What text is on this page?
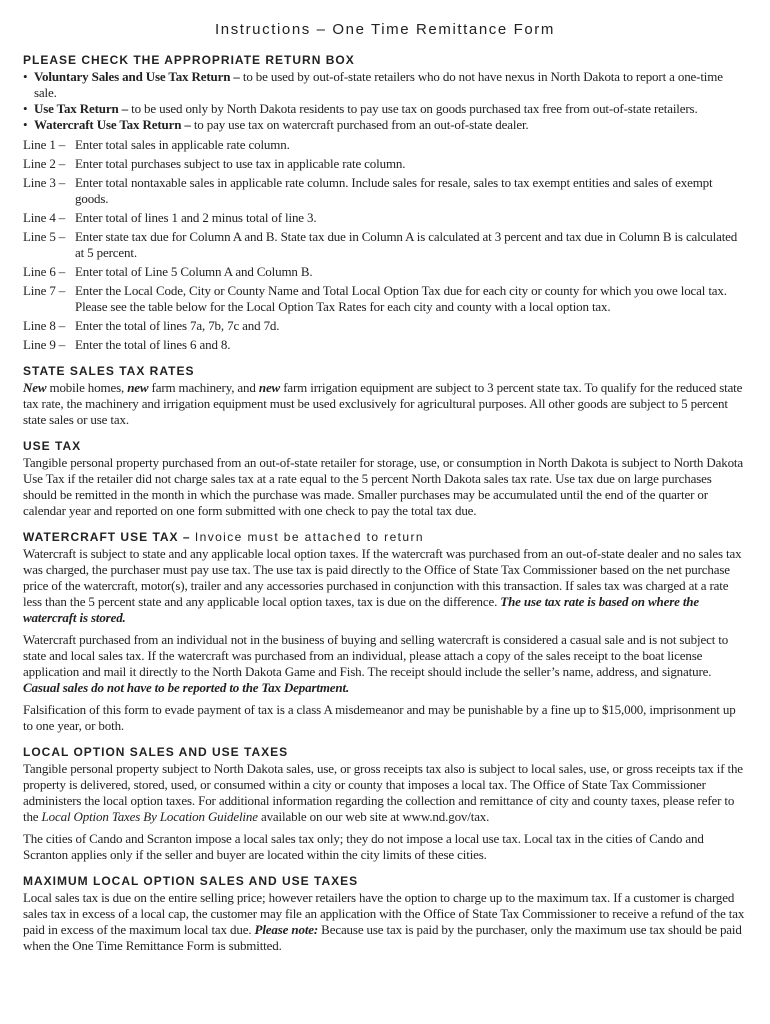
Instructions – One Time Remittance Form
PLEASE CHECK THE APPROPRIATE RETURN BOX
• Voluntary Sales and Use Tax Return – to be used by out-of-state retailers who do not have nexus in North Dakota to report a one-time sale.
• Use Tax Return – to be used only by North Dakota residents to pay use tax on goods purchased tax free from out-of-state retailers.
• Watercraft Use Tax Return – to pay use tax on watercraft purchased from an out-of-state dealer.
Line 1 – Enter total sales in applicable rate column.
Line 2 – Enter total purchases subject to use tax in applicable rate column.
Line 3 – Enter total nontaxable sales in applicable rate column. Include sales for resale, sales to tax exempt entities and sales of exempt goods.
Line 4 – Enter total of lines 1 and 2 minus total of line 3.
Line 5 – Enter state tax due for Column A and B. State tax due in Column A is calculated at 3 percent and tax due in Column B is calculated at 5 percent.
Line 6 – Enter total of Line 5 Column A and Column B.
Line 7 – Enter the Local Code, City or County Name and Total Local Option Tax due for each city or county for which you owe local tax. Please see the table below for the Local Option Tax Rates for each city and county with a local option tax.
Line 8 – Enter the total of lines 7a, 7b, 7c and 7d.
Line 9 – Enter the total of lines 6 and 8.
STATE SALES TAX RATES

New mobile homes, new farm machinery, and new farm irrigation equipment are subject to 3 percent state tax. To qualify for the reduced state tax rate, the machinery and irrigation equipment must be used exclusively for agricultural purposes. All other goods are subject to 5 percent state sales or use tax.

USE TAX

Tangible personal property purchased from an out-of-state retailer for storage, use, or consumption in North Dakota is subject to North Dakota Use Tax if the retailer did not charge sales tax at a rate equal to the 5 percent North Dakota sales tax rate. Use tax due on large purchases should be remitted in the month in which the purchase was made. Smaller purchases may be accumulated until the end of the quarter or calendar year and reported on one form submitted with one check to pay the total tax due.

WATERCRAFT USE TAX – Invoice must be attached to return

Watercraft is subject to state and any applicable local option taxes. If the watercraft was purchased from an out-of-state dealer and no sales tax was charged, the purchaser must pay use tax. The use tax is paid directly to the Office of State Tax Commissioner based on the net purchase price of the watercraft, motor(s), trailer and any accessories purchased in conjunction with this transaction. If sales tax was charged at a rate less than the 5 percent state and any applicable local option taxes, tax is due on the difference. The use tax rate is based on where the watercraft is stored.

Watercraft purchased from an individual not in the business of buying and selling watercraft is considered a casual sale and is not subject to state and local sales tax. If the watercraft was purchased from an individual, please attach a copy of the sales receipt to the boat license application and mail it directly to the North Dakota Game and Fish. The receipt should include the seller’s name, address, and signature. Casual sales do not have to be reported to the Tax Department.

Falsification of this form to evade payment of tax is a class A misdemeanor and may be punishable by a fine up to $15,000, imprisonment up to one year, or both.

LOCAL OPTION SALES AND USE TAXES

Tangible personal property subject to North Dakota sales, use, or gross receipts tax also is subject to local sales, use, or gross receipts tax if the property is delivered, stored, used, or consumed within a city or county that imposes a local tax. The Office of State Tax Commissioner administers the local option taxes. For additional information regarding the collection and remittance of city and county taxes, please refer to the Local Option Taxes By Location Guideline available on our web site at www.nd.gov/tax.

The cities of Cando and Scranton impose a local sales tax only; they do not impose a local use tax. Local tax in the cities of Cando and Scranton applies only if the seller and buyer are located within the city limits of these cities.

MAXIMUM LOCAL OPTION SALES AND USE TAXES

Local sales tax is due on the entire selling price; however retailers have the option to charge up to the maximum tax. If a customer is charged sales tax in excess of a local cap, the customer may file an application with the Office of State Tax Commissioner to receive a refund of the tax paid in excess of the maximum local tax due. Please note: Because use tax is paid by the purchaser, only the maximum use tax should be paid when the One Time Remittance Form is submitted.
